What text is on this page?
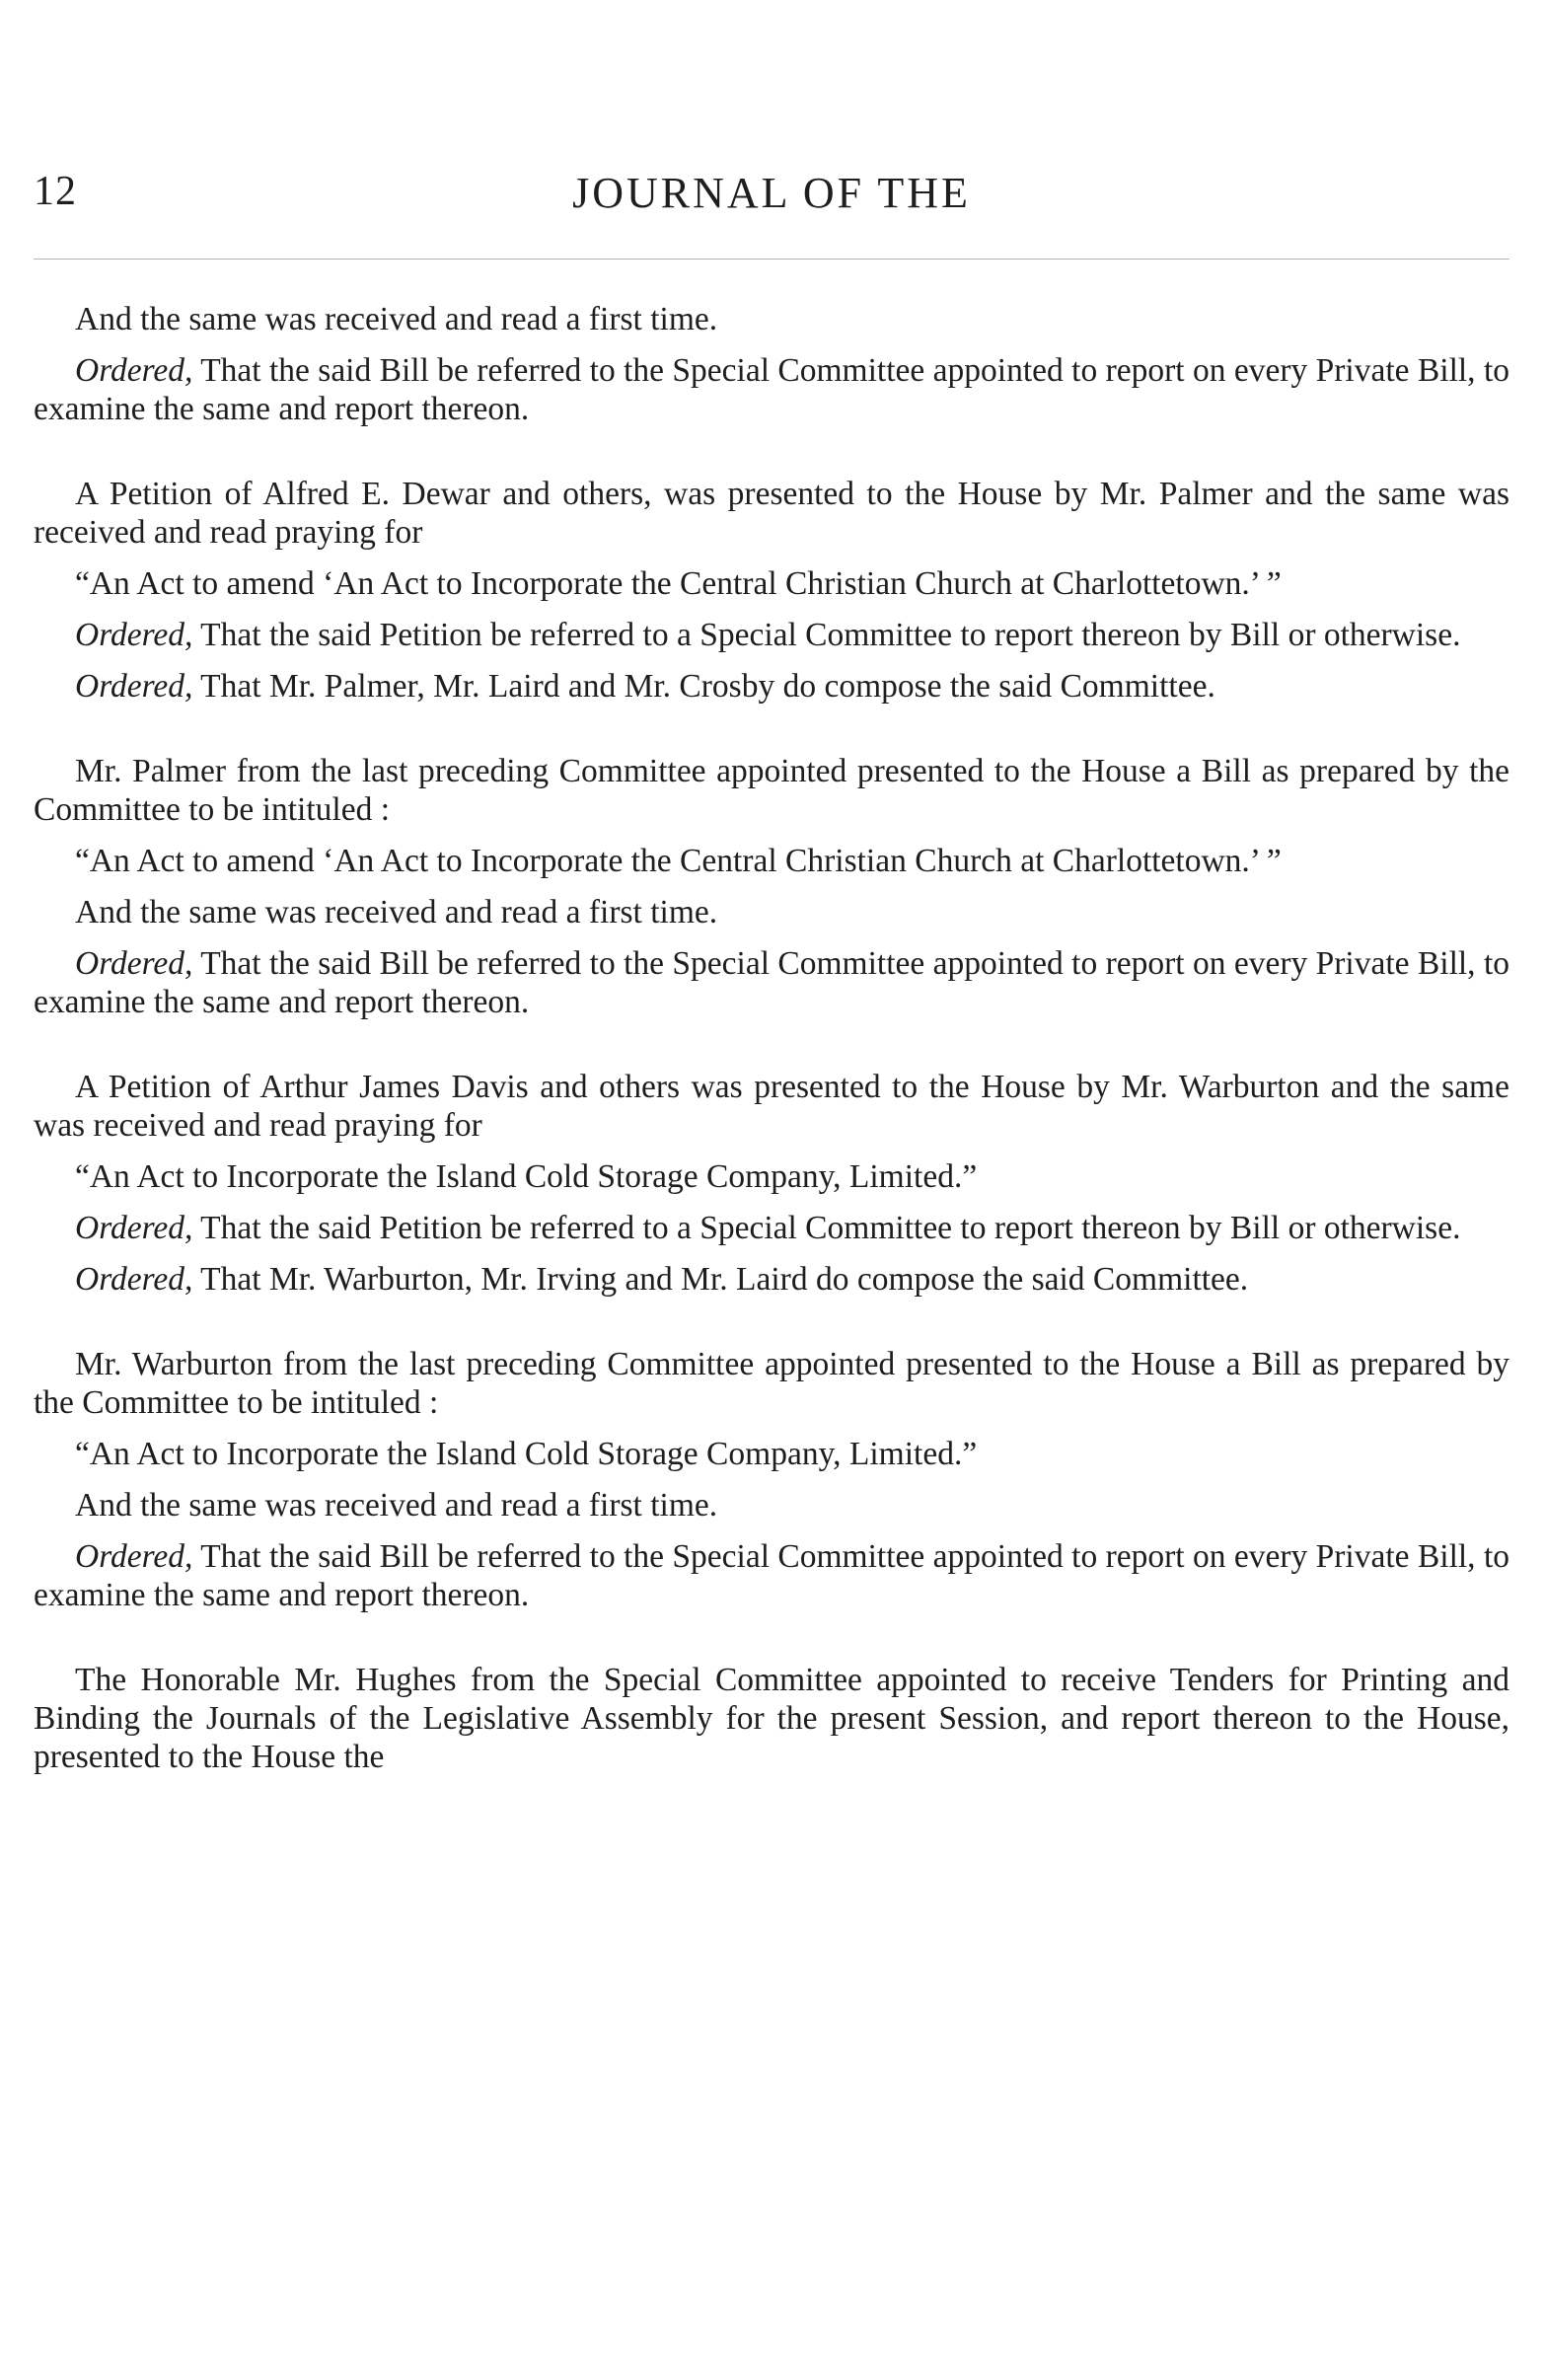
12	JOURNAL OF THE

And the same was received and read a first time.

Ordered, That the said Bill be referred to the Special Committee appointed to report on every Private Bill, to examine the same and report thereon.

A Petition of Alfred E. Dewar and others, was presented to the House by Mr. Palmer and the same was received and read praying for

“An Act to amend ‘An Act to Incorporate the Central Christian Church at Charlottetown.’ ”

Ordered, That the said Petition be referred to a Special Committee to report thereon by Bill or otherwise.

Ordered, That Mr. Palmer, Mr. Laird and Mr. Crosby do compose the said Committee.

Mr. Palmer from the last preceding Committee appointed presented to the House a Bill as prepared by the Committee to be intituled :

“An Act to amend ‘An Act to Incorporate the Central Christian Church at Charlottetown.’ ”

And the same was received and read a first time.

Ordered, That the said Bill be referred to the Special Committee appointed to report on every Private Bill, to examine the same and report thereon.

A Petition of Arthur James Davis and others was presented to the House by Mr. Warburton and the same was received and read praying for

“An Act to Incorporate the Island Cold Storage Company, Limited.”

Ordered, That the said Petition be referred to a Special Committee to report thereon by Bill or otherwise.

Ordered, That Mr. Warburton, Mr. Irving and Mr. Laird do compose the said Committee.

Mr. Warburton from the last preceding Committee appointed presented to the House a Bill as prepared by the Committee to be intituled :

“An Act to Incorporate the Island Cold Storage Company, Limited.”

And the same was received and read a first time.

Ordered, That the said Bill be referred to the Special Committee appointed to report on every Private Bill, to examine the same and report thereon.

The Honorable Mr. Hughes from the Special Committee appointed to receive Tenders for Printing and Binding the Journals of the Legislative Assembly for the present Session, and report thereon to the House, presented to the House the
